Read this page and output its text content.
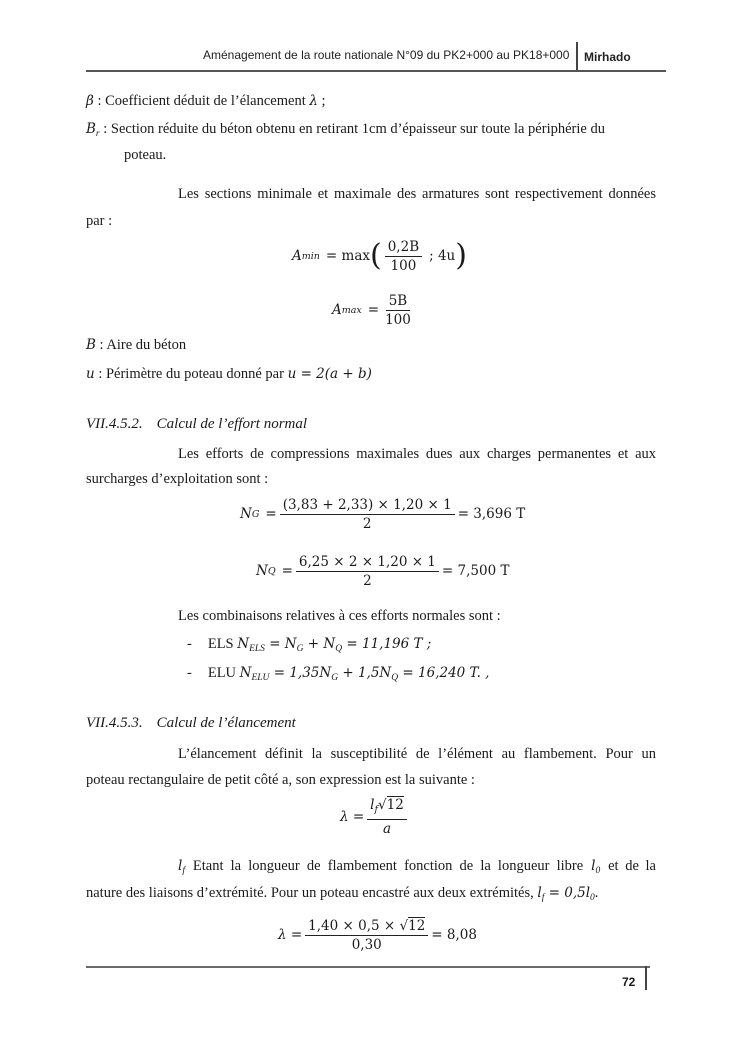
Aménagement de la route nationale N°09 du PK2+000 au PK18+000 Mirhado
β : Coefficient déduit de l’élancement λ ;
$B_r$ : Section réduite du béton obtenu en retirant 1cm d’épaisseur sur toute la périphérie du
poteau.
Les sections minimale et maximale des armatures sont respectivement données
par :
A min = max ( $\frac{0,2B}{100}$ ; 4u )
A $\max = \frac{5B}{100}$
B : Aire du béton
u : Périmètre du poteau donné par u = 2(a + b)
VII.4.5.2. Calcul de l’effort normal
Les efforts de compressions maximales dues aux charges permanentes et aux
surcharges d’exploitation sont :
N $G = \frac{(3,83 + 2,33) \times 1,20 \times 1}{2} = 3,696$ T
N $Q = \frac{6,25 \times 2 \times 1,20 \times 1}{2} = 7,500$ T
Les combinaisons relatives à ces efforts normales sont :
- ELS $N_{ELS} = N_G + N_Q = 11,196$ T ;
- ELU $N_{ELU} = 1,35N_G + 1,5N_Q = 16,240$ T. ,
VII.4.5.3. Calcul de l’élancement
L’élancement définit la susceptibilité de l’élément au flambement. Pour un
poteau rectangulaire de petit côté a, son expression est la suivante :
$\lambda = \frac{l_f√12}{a}$
$l_f$ Etant la longueur de flambement fonction de la longueur libre $l_0$ et de la
nature des liaisons d’extrémité. Pour un poteau encastré aux deux extrémités, $l_f = 0,5l_0$.
$\lambda = \frac{1,40 \times 0,5 \times √12}{0,30} = 8,08$
72
